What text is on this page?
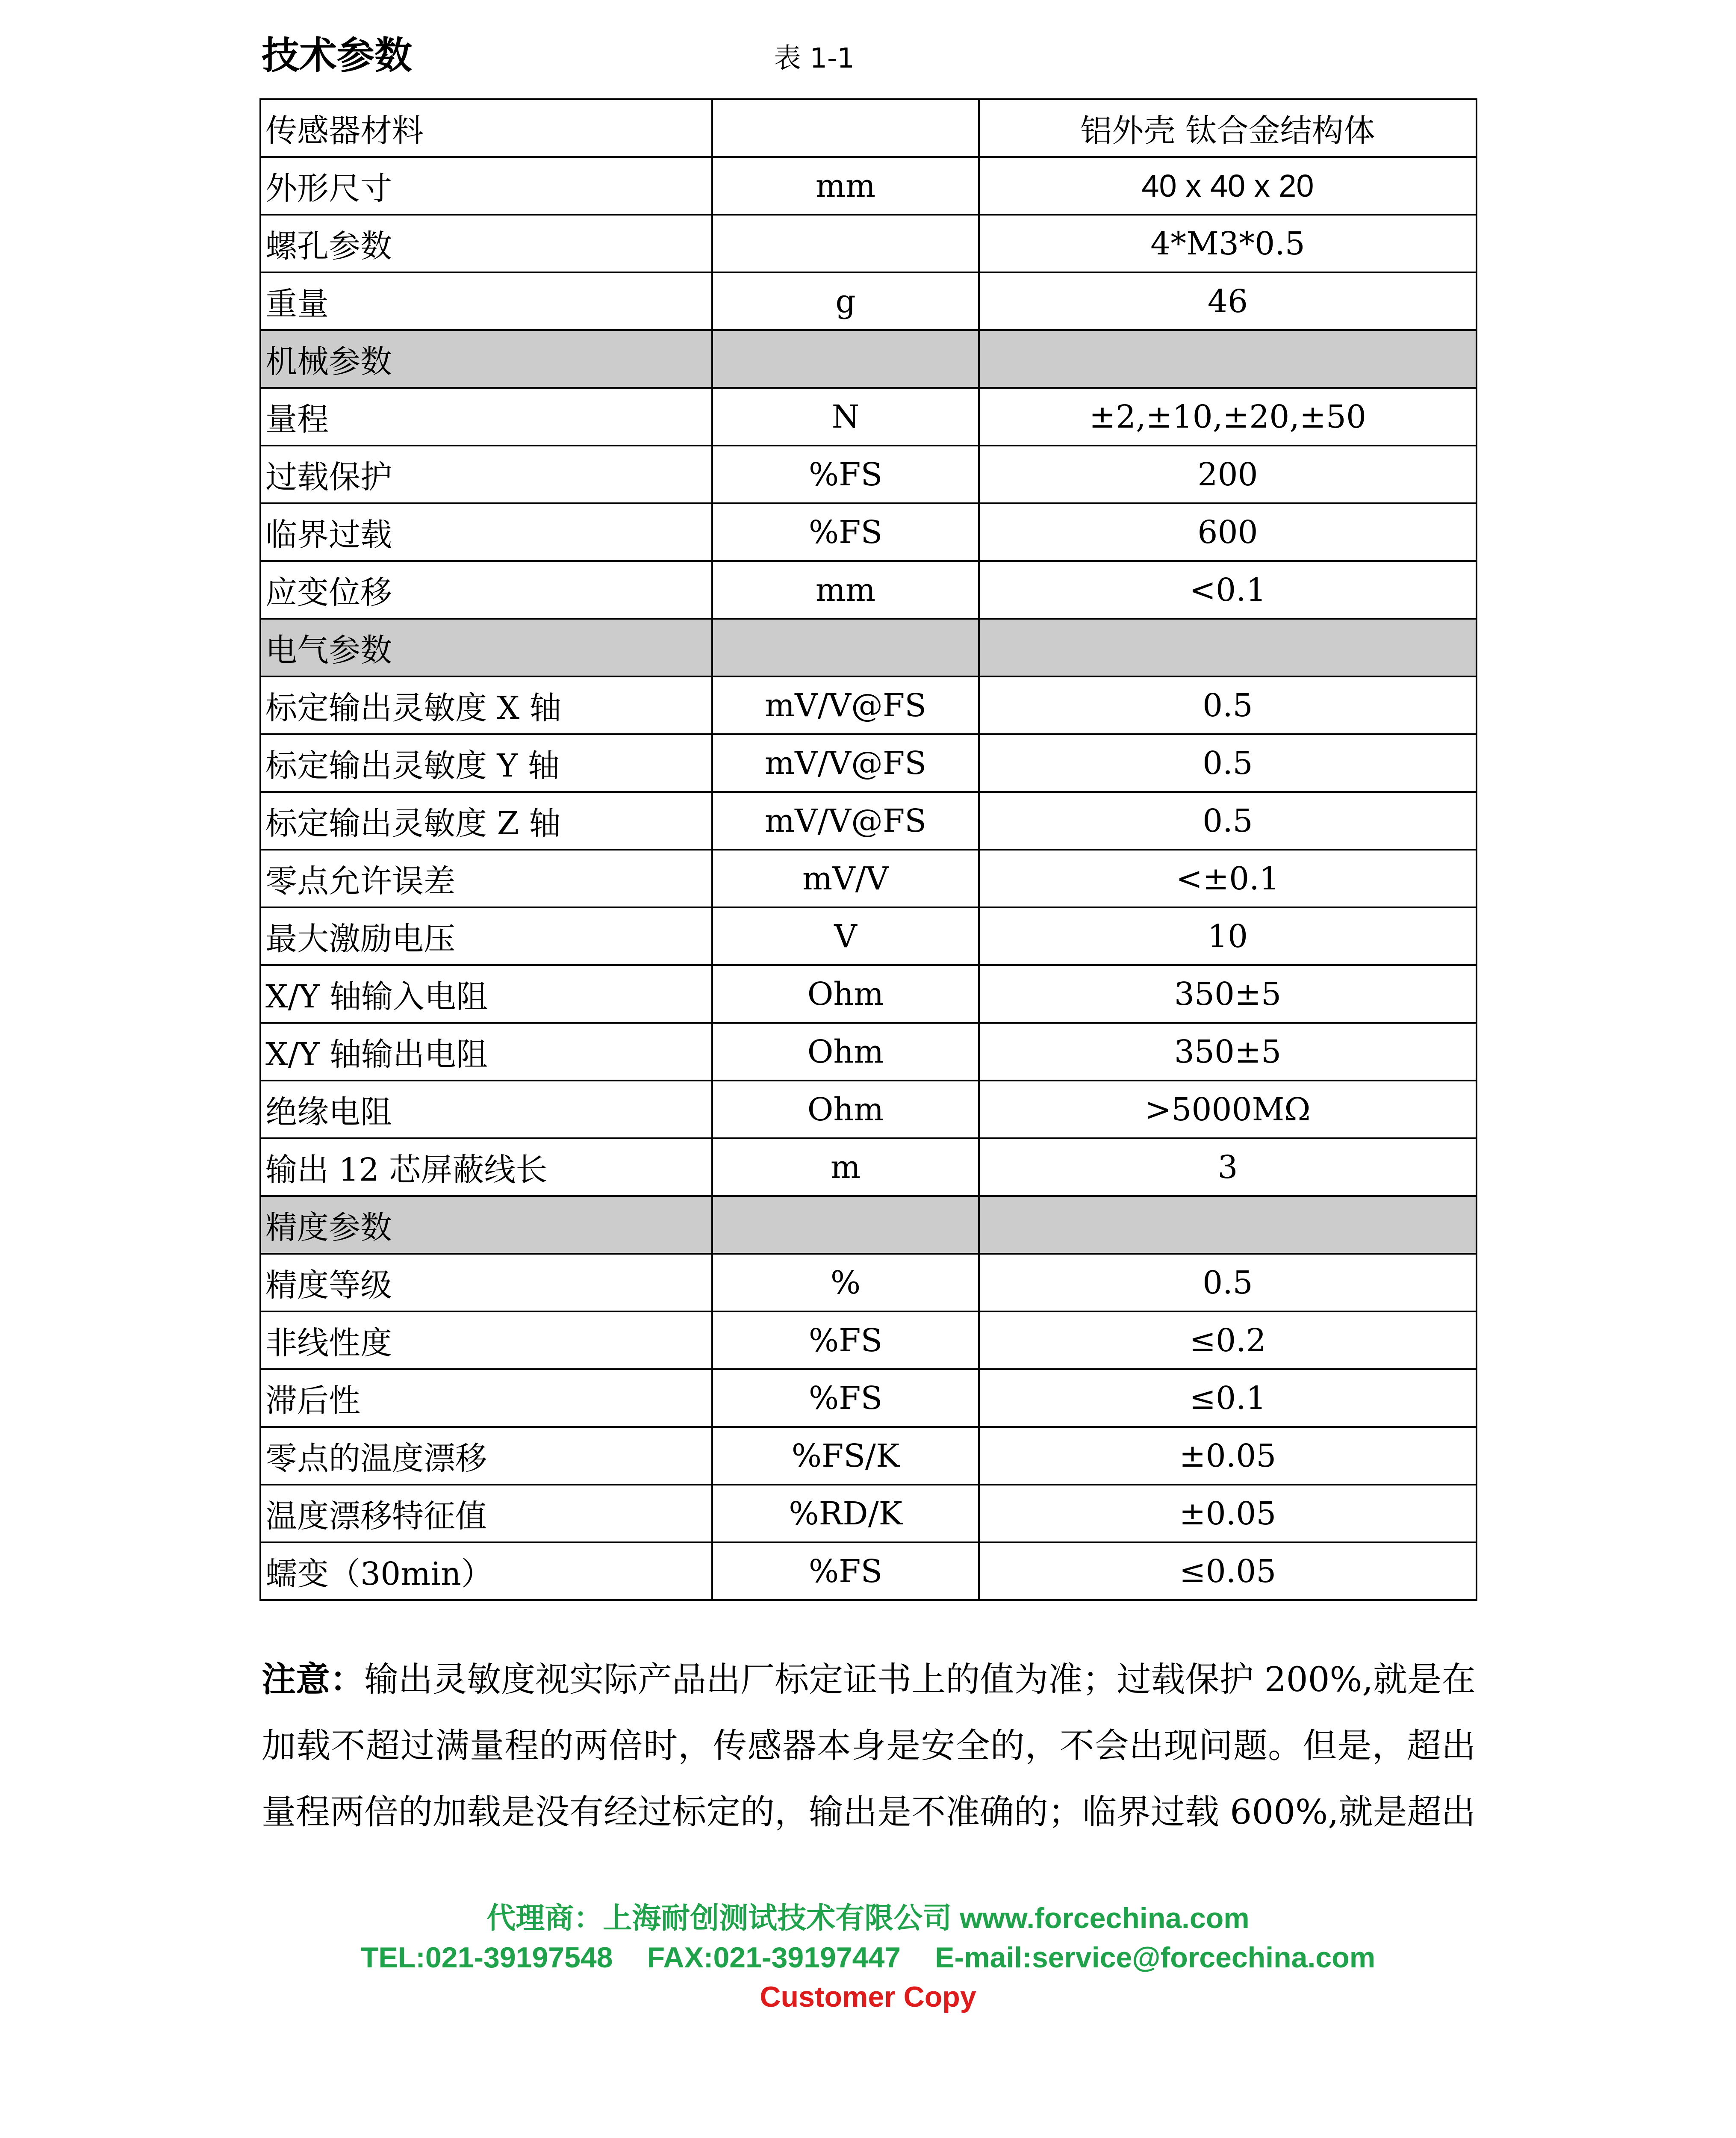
技术参数	表 1-1
传感器材料		铝外壳 钛合金结构体
外形尺寸	mm	40 x 40 x 20
螺孔参数		4*M3*0.5
重量	g	46
机械参数		
量程	N	±2,±10,±20,±50
过载保护	%FS	200
临界过载	%FS	600
应变位移	mm	<0.1
电气参数		
标定输出灵敏度 X 轴	mV/V@FS	0.5
标定输出灵敏度 Y 轴	mV/V@FS	0.5
标定输出灵敏度 Z 轴	mV/V@FS	0.5
零点允许误差	mV/V	<±0.1
最大激励电压	V	10
X/Y 轴输入电阻	Ohm	350±5
X/Y 轴输出电阻	Ohm	350±5
绝缘电阻	Ohm	>5000MΩ
输出 12 芯屏蔽线长	m	3
精度参数		
精度等级	%	0.5
非线性度	%FS	≤0.2
滞后性	%FS	≤0.1
零点的温度漂移	%FS/K	±0.05
温度漂移特征值	%RD/K	±0.05
蠕变（30min）	%FS	≤0.05

注意：输出灵敏度视实际产品出厂标定证书上的值为准；过载保护 200%,就是在加载不超过满量程的两倍时，传感器本身是安全的，不会出现问题。但是，超出量程两倍的加载是没有经过标定的，输出是不准确的；临界过载 600%,就是超出

代理商：上海耐创测试技术有限公司 www.forcechina.com
TEL:021-39197548 FAX:021-39197447 E-mail:service@forcechina.com
Customer Copy
